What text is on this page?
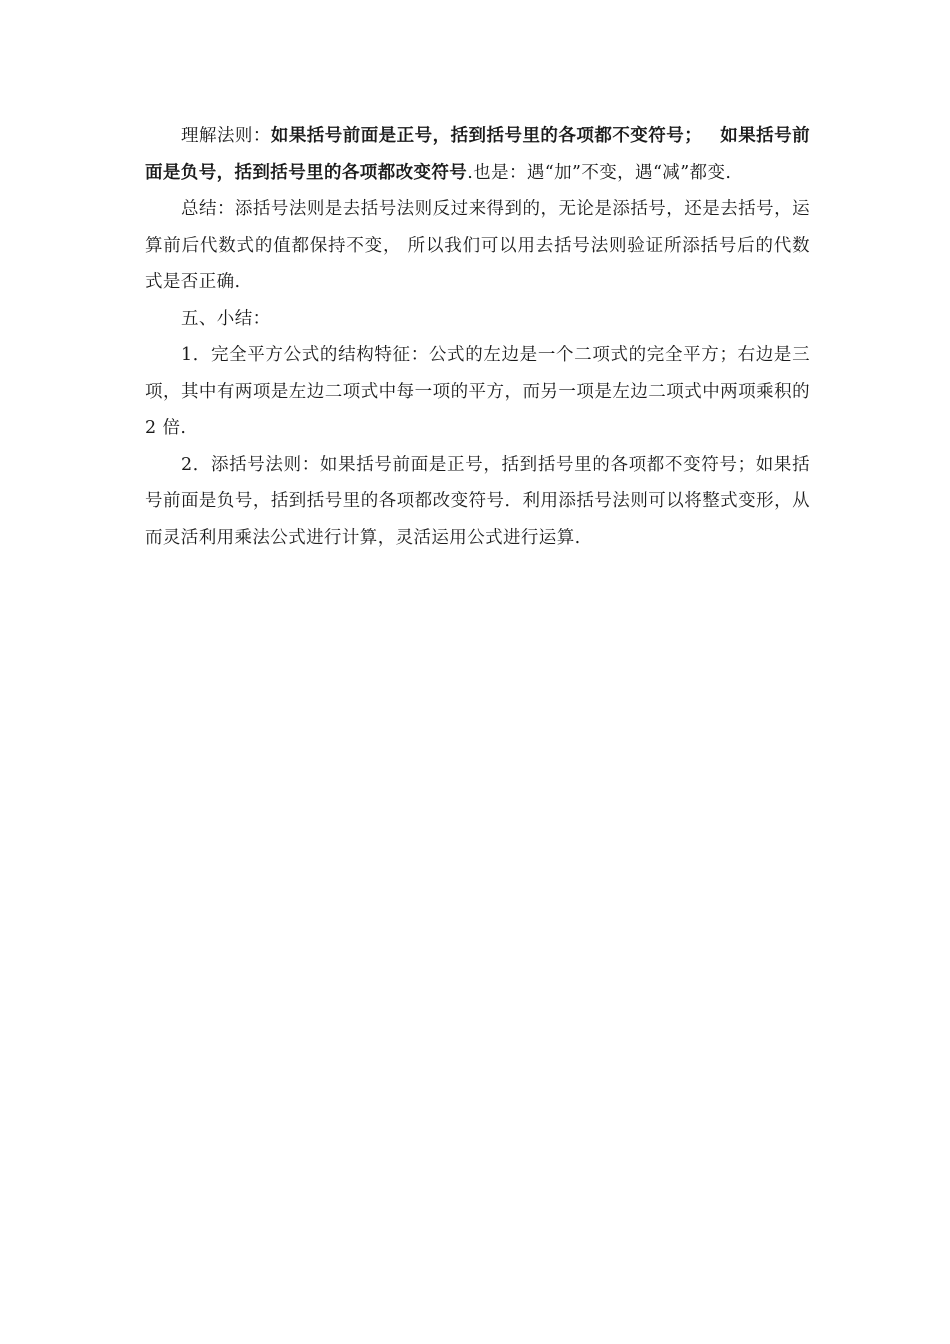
理解法则：如果括号前面是正号，括到括号里的各项都不变符号； 如果括号前面是负号，括到括号里的各项都改变符号.也是：遇“加”不变，遇“减”都变.

总结：添括号法则是去括号法则反过来得到的，无论是添括号，还是去括号，运算前后代数式的值都保持不变， 所以我们可以用去括号法则验证所添括号后的代数式是否正确.

五、小结：

1．完全平方公式的结构特征：公式的左边是一个二项式的完全平方；右边是三项，其中有两项是左边二项式中每一项的平方，而另一项是左边二项式中两项乘积的 2 倍.

2．添括号法则：如果括号前面是正号，括到括号里的各项都不变符号；如果括号前面是负号，括到括号里的各项都改变符号．利用添括号法则可以将整式变形，从而灵活利用乘法公式进行计算，灵活运用公式进行运算.
